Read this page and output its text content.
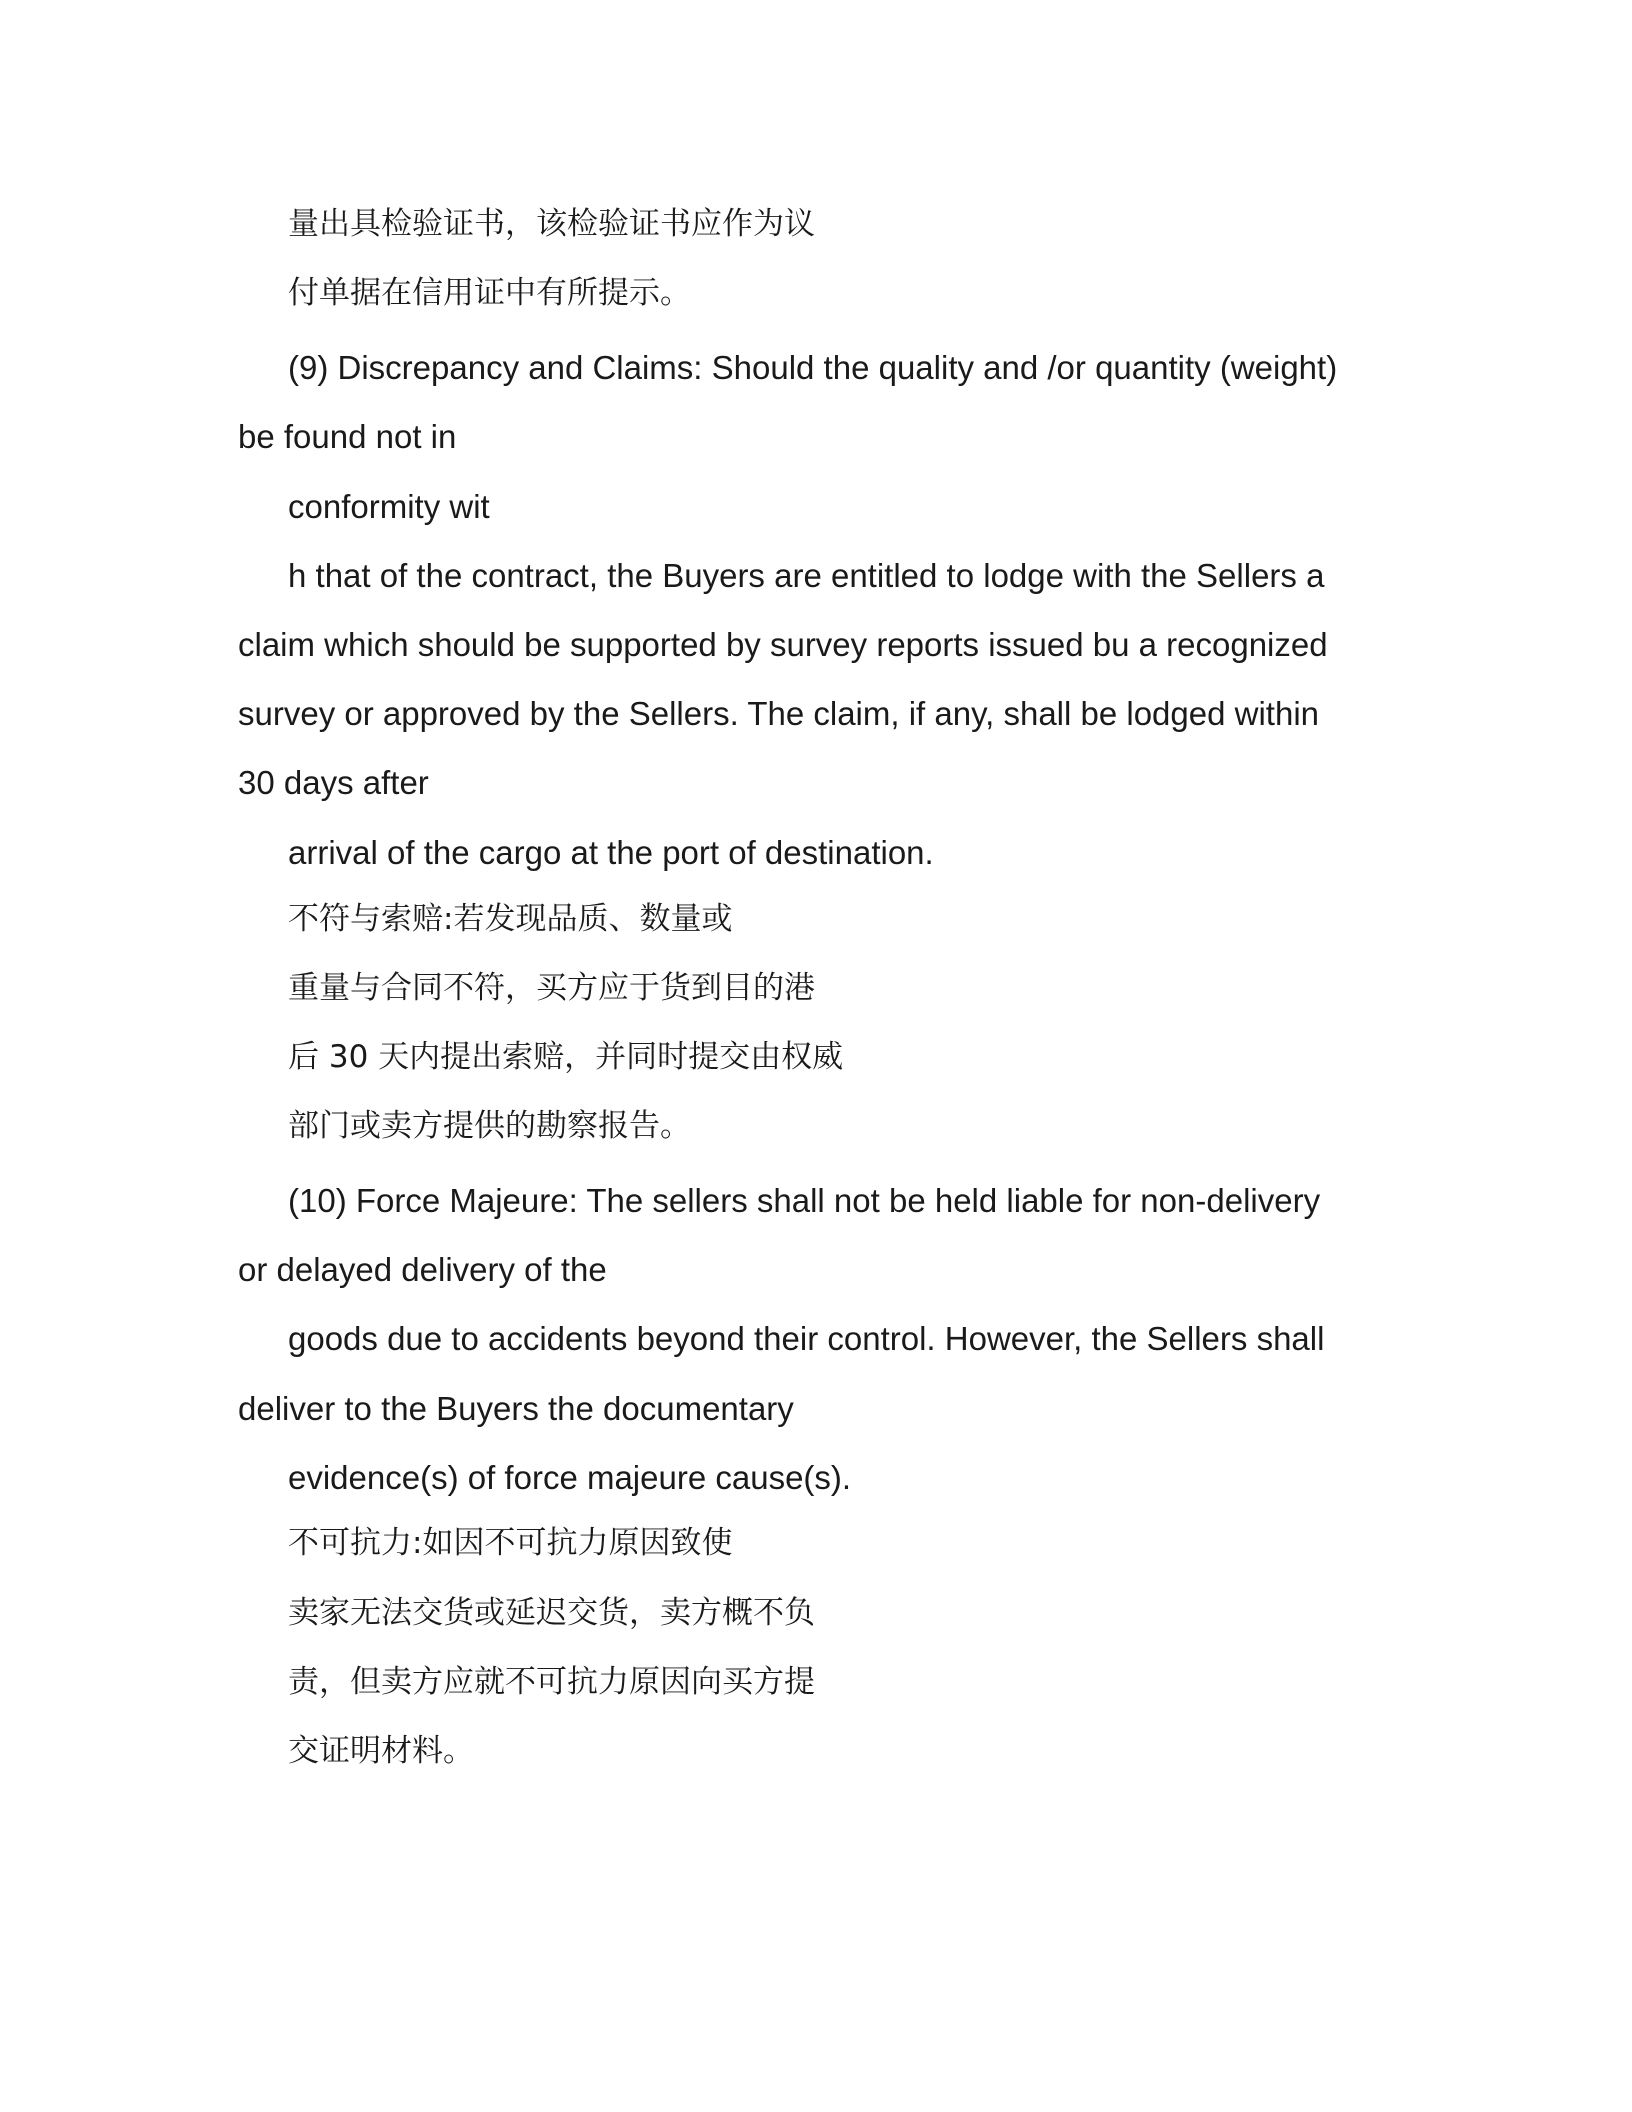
量出具检验证书，该检验证书应作为议
付单据在信用证中有所提示。
(9) Discrepancy and Claims: Should the quality and /or quantity (weight)
be found not in
conformity wit
h that of the contract, the Buyers are entitled to lodge with the Sellers a
claim which should be supported by survey reports issued bu a recognized
survey or approved by the Sellers. The claim, if any, shall be lodged within
30 days after
arrival of the cargo at the port of destination.
不符与索赔:若发现品质、数量或
重量与合同不符，买方应于货到目的港
后 30 天内提出索赔，并同时提交由权威
部门或卖方提供的勘察报告。
(10) Force Majeure: The sellers shall not be held liable for non-delivery
or delayed delivery of the
goods due to accidents beyond their control. However, the Sellers shall
deliver to the Buyers the documentary
evidence(s) of force majeure cause(s).
不可抗力:如因不可抗力原因致使
卖家无法交货或延迟交货，卖方概不负
责，但卖方应就不可抗力原因向买方提
交证明材料。
